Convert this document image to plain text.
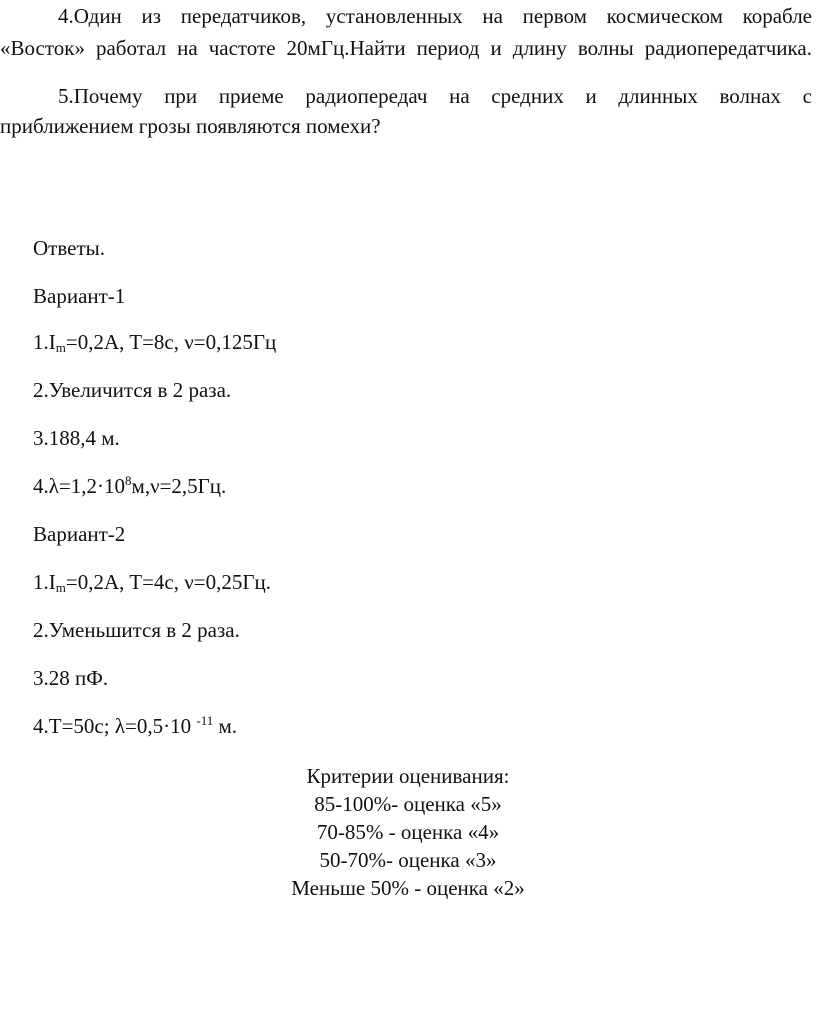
4.Один из передатчиков, установленных на первом космическом корабле
«Восток» работал на частоте 20мГц.Найти период и длину волны радиопередатчика.
5.Почему при приеме радиопередач на средних и длинных волнах с
приближением грозы появляются помехи?
Ответы.
Вариант-1
$1.I_m=0,2A$, T=8c, ν=0,125Гц
2.Увеличится в 2 раза.
3.188,4 м.
$4.\lambda=1,2\cdot 10^8м,\nu=2,5Гц$.
Вариант-2
$1.I_m=0,2A$, T=4c, ν=0,25Гц.
2.Уменьшится в 2 раза.
3.28 пФ.
4.T=50c; λ=0,5·10 $^{-11}$ м.
Критерии оценивания:
85-100%- оценка «5»
70-85% - оценка «4»
50-70%- оценка «3»
Меньше 50% - оценка «2»
